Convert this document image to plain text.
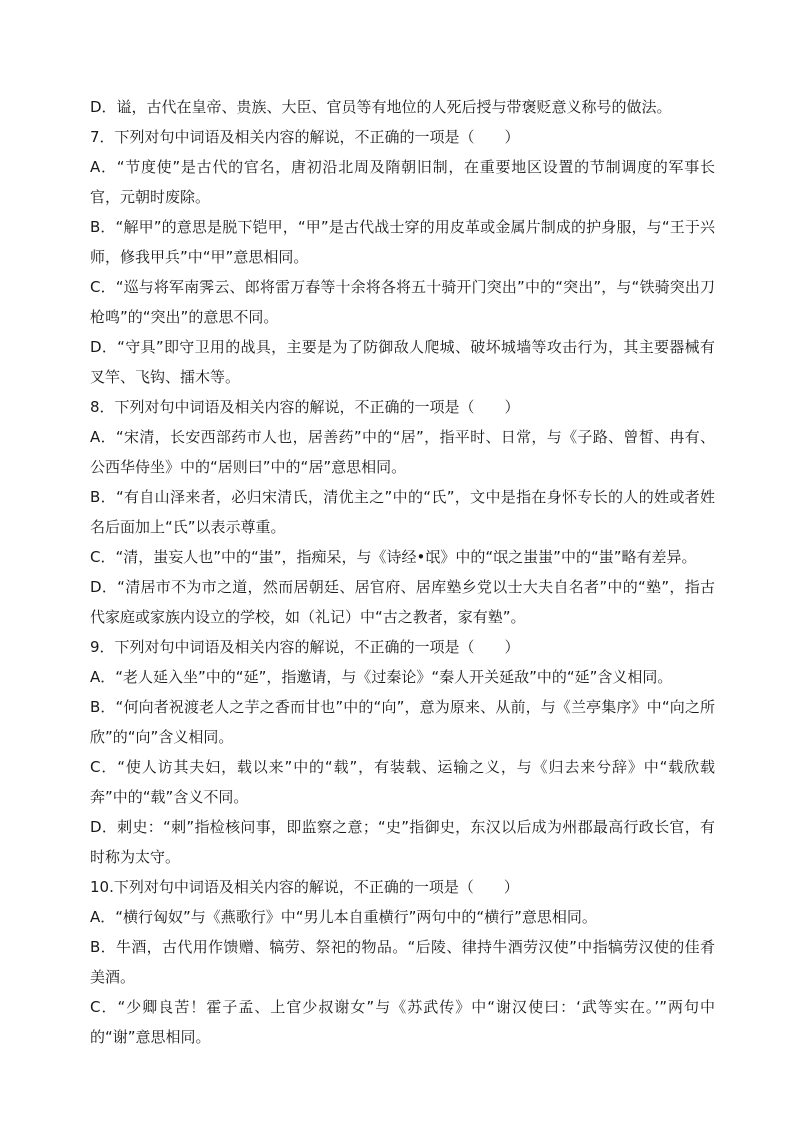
D．谥，古代在皇帝、贵族、大臣、官员等有地位的人死后授与带褒贬意义称号的做法。

7．下列对句中词语及相关内容的解说，不正确的一项是（　　）

A．“节度使”是古代的官名，唐初沿北周及隋朝旧制，在重要地区设置的节制调度的军事长官，元朝时废除。

B．“解甲”的意思是脱下铠甲，“甲”是古代战士穿的用皮革或金属片制成的护身服，与“王于兴师，修我甲兵”中“甲”意思相同。

C．“巡与将军南霁云、郎将雷万春等十余将各将五十骑开门突出”中的“突出”，与“铁骑突出刀枪鸣”的“突出”的意思不同。

D．“守具”即守卫用的战具，主要是为了防御敌人爬城、破坏城墙等攻击行为，其主要器械有叉竿、飞钩、擂木等。

8．下列对句中词语及相关内容的解说，不正确的一项是（　　）

A．“宋清，长安西部药市人也，居善药”中的“居”，指平时、日常，与《子路、曾皙、冉有、公西华侍坐》中的“居则曰”中的“居”意思相同。

B．“有自山泽来者，必归宋清氏，清优主之”中的“氏”，文中是指在身怀专长的人的姓或者姓名后面加上“氏”以表示尊重。

C．“清，蚩妄人也”中的“蚩”，指痴呆，与《诗经•氓》中的“氓之蚩蚩”中的“蚩”略有差异。

D．“清居市不为市之道，然而居朝廷、居官府、居库塾乡党以士大夫自名者”中的“塾”，指古代家庭或家族内设立的学校，如（礼记）中“古之教者，家有塾”。

9．下列对句中词语及相关内容的解说，不正确的一项是（　　）

A．“老人延入坐”中的“延”，指邀请，与《过秦论》“秦人开关延敌”中的“延”含义相同。

B．“何向者祝渡老人之芋之香而甘也”中的“向”，意为原来、从前，与《兰亭集序》中“向之所欣”的“向”含义相同。

C．“使人访其夫妇，载以来”中的“载”，有装载、运输之义，与《归去来兮辞》中“载欣载奔”中的“载”含义不同。

D．刺史：“刺”指检核问事，即监察之意；“史”指御史，东汉以后成为州郡最高行政长官，有时称为太守。

10.下列对句中词语及相关内容的解说，不正确的一项是（　　）

A．“横行匈奴”与《燕歌行》中“男儿本自重横行”两句中的“横行”意思相同。

B．牛酒，古代用作馈赠、犒劳、祭祀的物品。“后陵、律持牛酒劳汉使”中指犒劳汉使的佳肴美酒。

C．“少卿良苦！霍子孟、上官少叔谢女”与《苏武传》中“谢汉使曰：‘武等实在。’”两句中的“谢”意思相同。
